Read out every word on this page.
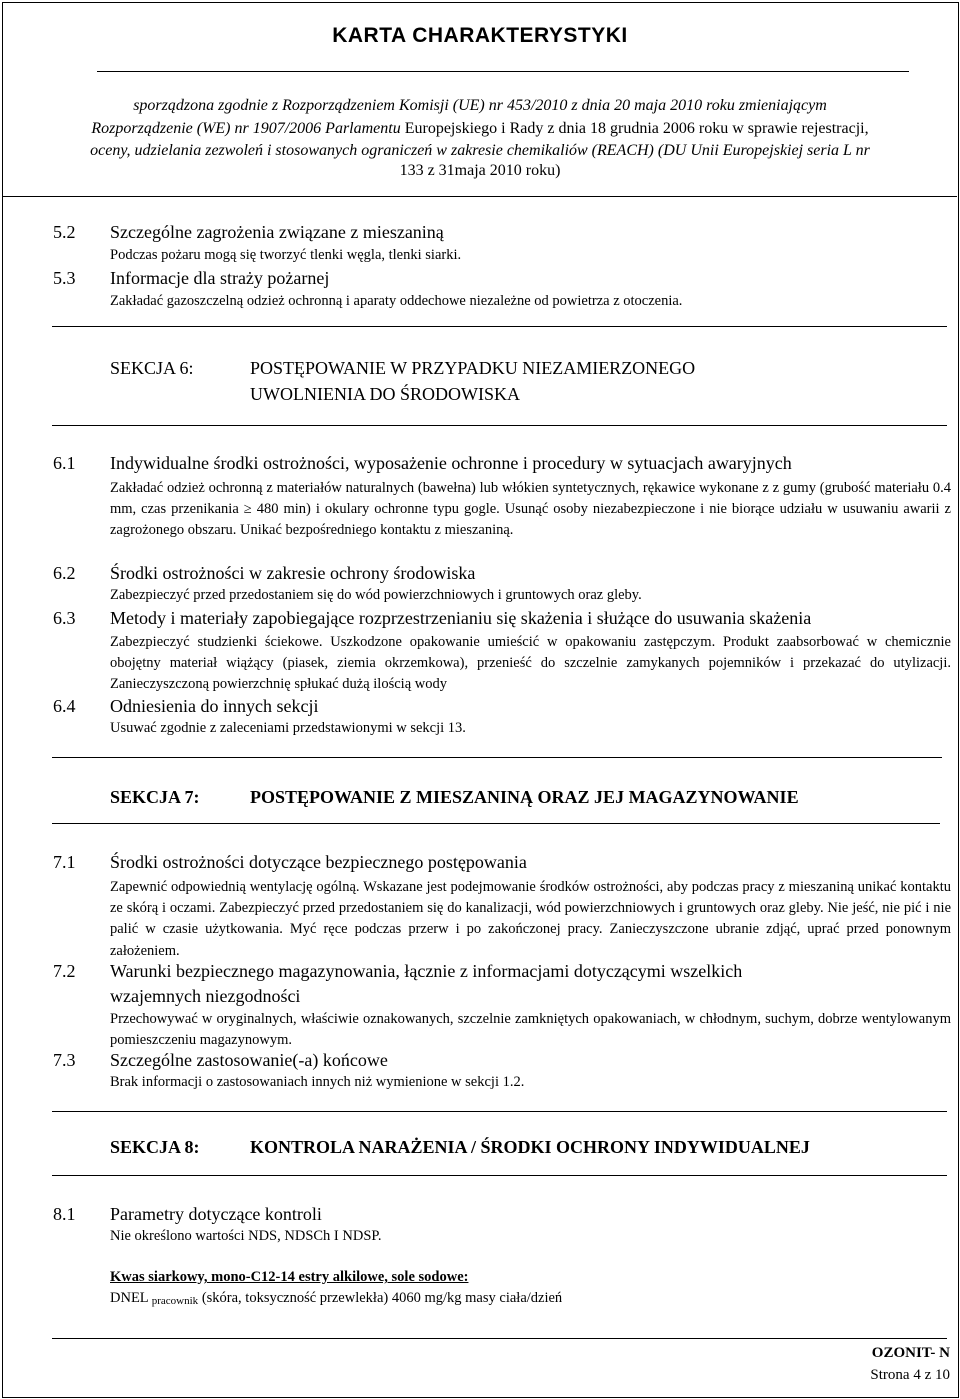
KARTA CHARAKTERYSTYKI
sporządzona zgodnie z Rozporządzeniem Komisji (UE) nr 453/2010 z dnia 20 maja 2010 roku zmieniającym
Rozporządzenie (WE) nr 1907/2006 Parlamentu Europejskiego i Rady z dnia 18 grudnia 2006 roku w sprawie rejestracji,
oceny, udzielania zezwoleń i stosowanych ograniczeń w zakresie chemikaliów (REACH) (DU Unii Europejskiej seria L nr
133 z 31maja 2010 roku)
5.2 Szczególne zagrożenia związane z mieszaniną
Podczas pożaru mogą się tworzyć tlenki węgla, tlenki siarki.
5.3 Informacje dla straży pożarnej
Zakładać gazoszczelną odzież ochronną i aparaty oddechowe niezależne od powietrza z otoczenia.
SEKCJA 6:	POSTĘPOWANIE W PRZYPADKU NIEZAMIERZONEGO
UWOLNIENIA DO ŚRODOWISKA
6.1 Indywidualne środki ostrożności, wyposażenie ochronne i procedury w sytuacjach awaryjnych

Zakładać odzież ochronną z materiałów naturalnych (bawełna) lub włókien syntetycznych, rękawice wykonane z z gumy (grubość materiału 0.4 mm, czas przenikania ≥ 480 min) i okulary ochronne typu gogle. Usunąć osoby niezabezpieczone i nie biorące udziału w usuwaniu awarii z zagrożonego obszaru. Unikać bezpośredniego kontaktu z mieszaniną.

6.2 Środki ostrożności w zakresie ochrony środowiska
Zabezpieczyć przed przedostaniem się do wód powierzchniowych i gruntowych oraz gleby.
6.3 Metody i materiały zapobiegające rozprzestrzenianiu się skażenia i służące do usuwania skażenia

Zabezpieczyć studzienki ściekowe. Uszkodzone opakowanie umieścić w opakowaniu zastępczym. Produkt zaabsorbować w chemicznie obojętny materiał wiążący (piasek, ziemia okrzemkowa), przenieść do szczelnie zamykanych pojemników i przekazać do utylizacji. Zanieczyszczoną powierzchnię spłukać dużą ilością wody

6.4 Odniesienia do innych sekcji
Usuwać zgodnie z zaleceniami przedstawionymi w sekcji 13.
SEKCJA 7:	POSTĘPOWANIE Z MIESZANINĄ ORAZ JEJ MAGAZYNOWANIE
7.1 Środki ostrożności dotyczące bezpiecznego postępowania

Zapewnić odpowiednią wentylację ogólną. Wskazane jest podejmowanie środków ostrożności, aby podczas pracy z mieszaniną unikać kontaktu ze skórą i oczami. Zabezpieczyć przed przedostaniem się do kanalizacji, wód powierzchniowych i gruntowych oraz gleby. Nie jeść, nie pić i nie palić w czasie użytkowania. Myć ręce podczas przerw i po zakończonej pracy. Zanieczyszczone ubranie zdjąć, uprać przed ponownym założeniem.

7.2 Warunki bezpiecznego magazynowania, łącznie z informacjami dotyczącymi wszelkich
wzajemnych niezgodności

Przechowywać w oryginalnych, właściwie oznakowanych, szczelnie zamkniętych opakowaniach, w chłodnym, suchym, dobrze wentylowanym pomieszczeniu magazynowym.

7.3 Szczególne zastosowanie(-a) końcowe
Brak informacji o zastosowaniach innych niż wymienione w sekcji 1.2.
SEKCJA 8:	KONTROLA NARAŻENIA / ŚRODKI OCHRONY INDYWIDUALNEJ
8.1 Parametry dotyczące kontroli
Nie określono wartości NDS, NDSCh I NDSP.
Kwas siarkowy, mono-C12-14 estry alkilowe, sole sodowe:
DNEL pracownik (skóra, toksyczność przewlekła) 4060 mg/kg masy ciała/dzień
OZONIT- N
Strona 4 z 10
